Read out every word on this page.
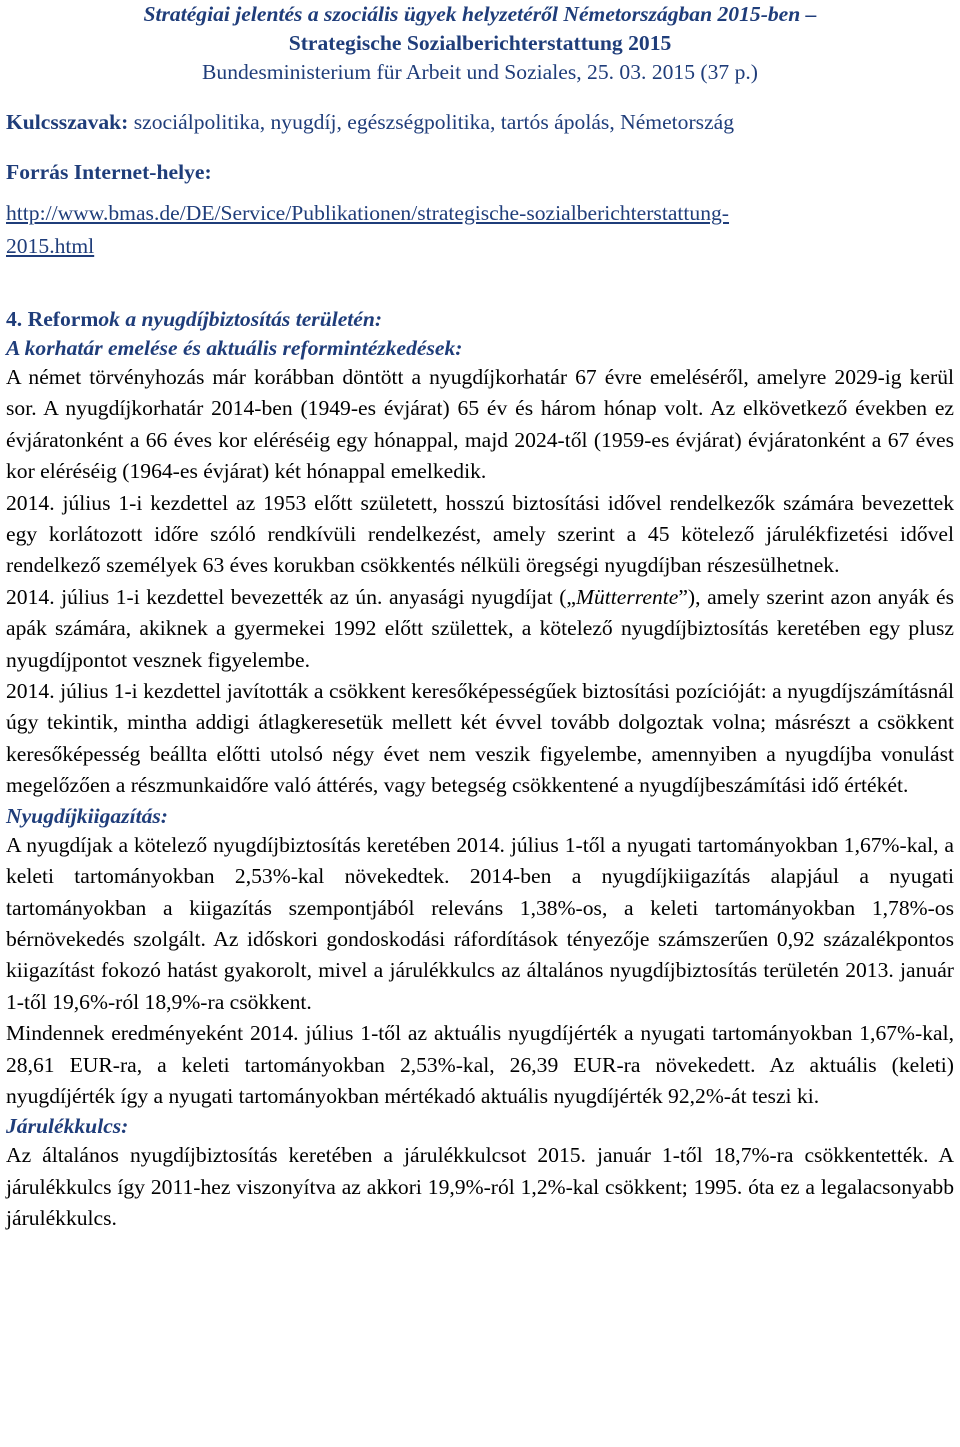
Stratégiai jelentés a szociális ügyek helyzetéről Németországban 2015-ben –
Strategische Sozialberichterstattung 2015
Bundesministerium für Arbeit und Soziales, 25. 03. 2015 (37 p.)
Kulcsszavak: szociálpolitika, nyugdíj, egészségpolitika, tartós ápolás, Németország
Forrás Internet-helye:
http://www.bmas.de/DE/Service/Publikationen/strategische-sozialberichterstattung-
2015.html
4. Reformok a nyugdíjbiztosítás területén:
A korhatár emelése és aktuális reformintézkedések:

A német törvényhozás már korábban döntött a nyugdíjkorhatár 67 évre emeléséről, amelyre 2029-ig kerül sor. A nyugdíjkorhatár 2014-ben (1949-es évjárat) 65 év és három hónap volt. Az elkövetkező években ez évjáratonként a 66 éves kor eléréséig egy hónappal, majd 2024-től (1959-es évjárat) évjáratonként a 67 éves kor eléréséig (1964-es évjárat) két hónappal emelkedik.

2014. július 1-i kezdettel az 1953 előtt született, hosszú biztosítási idővel rendelkezők számára bevezettek egy korlátozott időre szóló rendkívüli rendelkezést, amely szerint a 45 kötelező járulékfizetési idővel rendelkező személyek 63 éves korukban csökkentés nélküli öregségi nyugdíjban részesülhetnek.

2014. július 1-i kezdettel bevezették az ún. anyasági nyugdíjat („Mütterrente”), amely szerint azon anyák és apák számára, akiknek a gyermekei 1992 előtt születtek, a kötelező nyugdíjbiztosítás keretében egy plusz nyugdíjpontot vesznek figyelembe.

2014. július 1-i kezdettel javították a csökkent keresőképességűek biztosítási pozícióját: a nyugdíjszámításnál úgy tekintik, mintha addigi átlagkeresetük mellett két évvel tovább dolgoztak volna; másrészt a csökkent keresőképesség beállta előtti utolsó négy évet nem veszik figyelembe, amennyiben a nyugdíjba vonulást megelőzően a részmunkaidőre való áttérés, vagy betegség csökkentené a nyugdíjbeszámítási idő értékét.

Nyugdíjkiigazítás:

A nyugdíjak a kötelező nyugdíjbiztosítás keretében 2014. július 1-től a nyugati tartományokban 1,67%-kal, a keleti tartományokban 2,53%-kal növekedtek. 2014-ben a nyugdíjkiigazítás alapjául a nyugati tartományokban a kiigazítás szempontjából releváns 1,38%-os, a keleti tartományokban 1,78%-os bérnövekedés szolgált. Az időskori gondoskodási ráfordítások tényezője számszerűen 0,92 százalékpontos kiigazítást fokozó hatást gyakorolt, mivel a járulékkulcs az általános nyugdíjbiztosítás területén 2013. január 1-től 19,6%-ról 18,9%-ra csökkent.

Mindennek eredményeként 2014. július 1-től az aktuális nyugdíjérték a nyugati tartományokban 1,67%-kal, 28,61 EUR-ra, a keleti tartományokban 2,53%-kal, 26,39 EUR-ra növekedett. Az aktuális (keleti) nyugdíjérték így a nyugati tartományokban mértékadó aktuális nyugdíjérték 92,2%-át teszi ki.

Járulékkulcs:

Az általános nyugdíjbiztosítás keretében a járulékkulcsot 2015. január 1-től 18,7%-ra csökkentették. A járulékkulcs így 2011-hez viszonyítva az akkori 19,9%-ról 1,2%-kal csökkent; 1995. óta ez a legalacsonyabb járulékkulcs.
